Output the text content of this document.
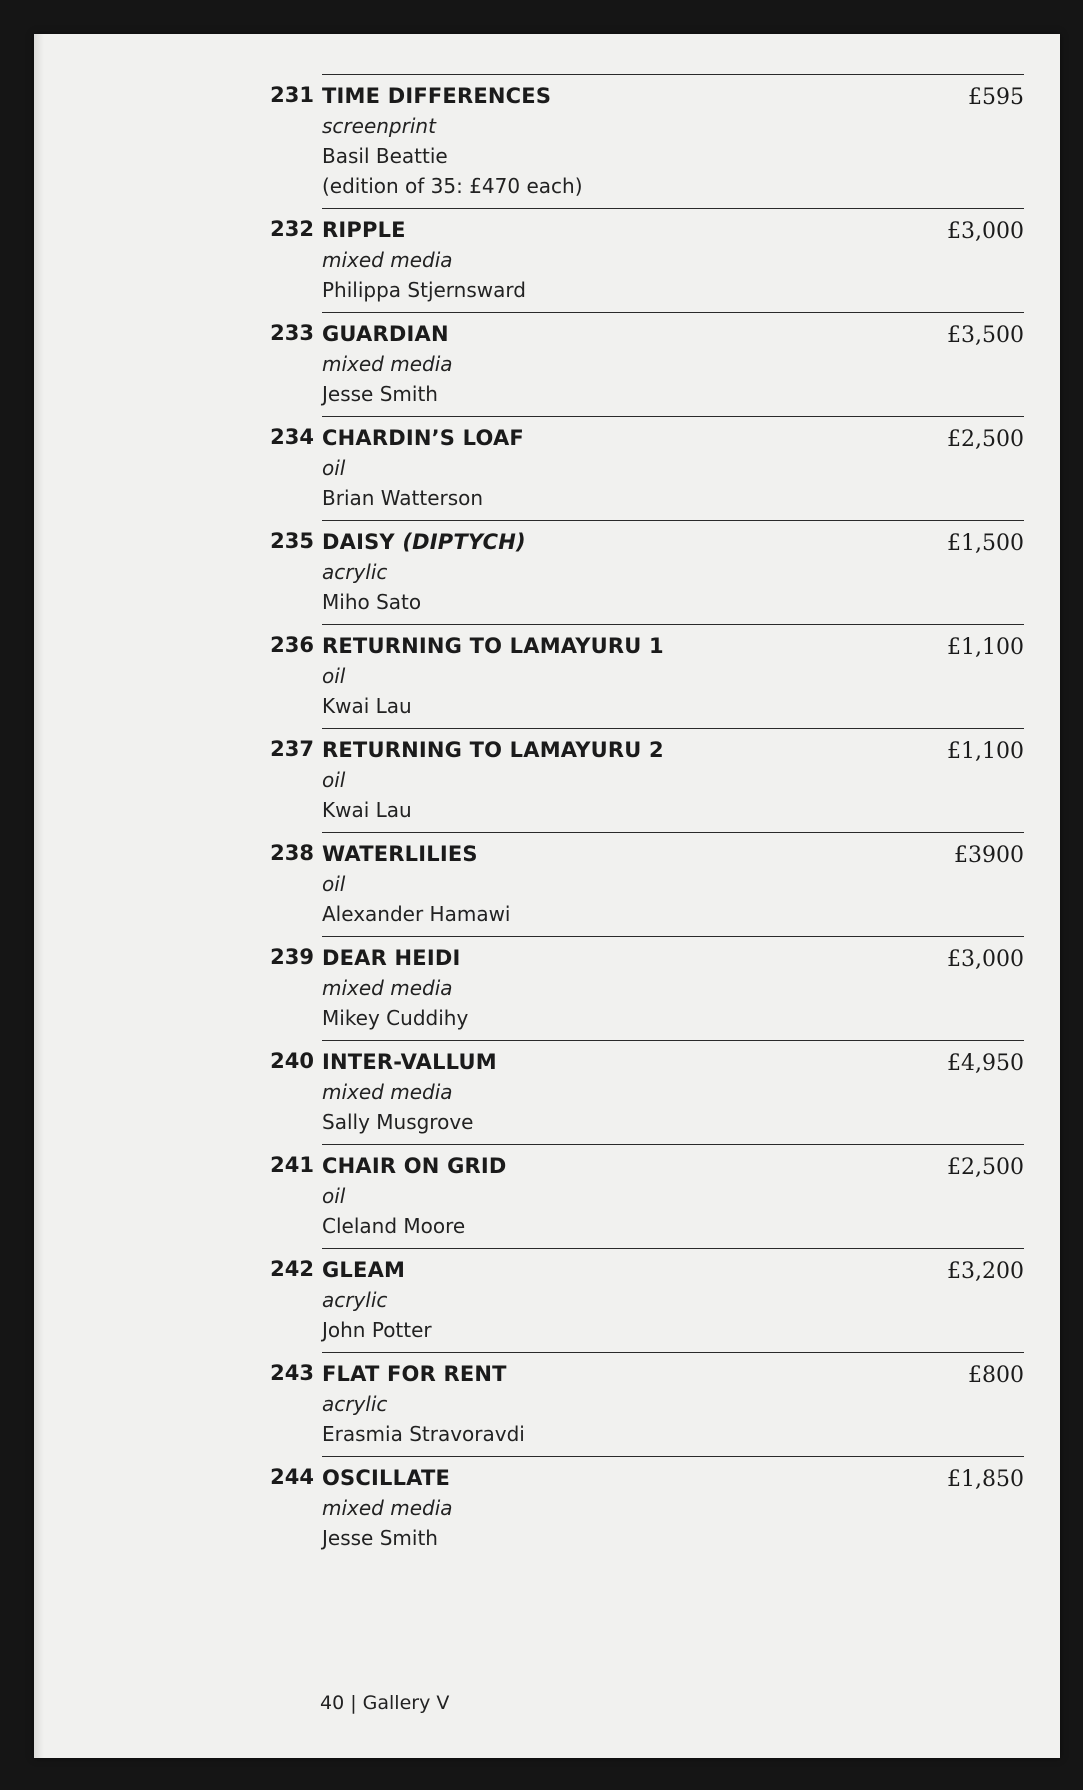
231 TIME DIFFERENCES
screenprint
Basil Beattie
(edition of 35: £470 each)
£595
232 RIPPLE
mixed media
Philippa Stjernsward
£3,000
233 GUARDIAN
mixed media
Jesse Smith
£3,500
234 CHARDIN’S LOAF
oil
Brian Watterson
£2,500
235 DAISY (DIPTYCH)
acrylic
Miho Sato
£1,500
236 RETURNING TO LAMAYURU 1
oil
Kwai Lau
£1,100
237 RETURNING TO LAMAYURU 2
oil
Kwai Lau
£1,100
238 WATERLILIES
oil
Alexander Hamawi
£3900
239 DEAR HEIDI
mixed media
Mikey Cuddihy
£3,000
240 INTER-VALLUM
mixed media
Sally Musgrove
£4,950
241 CHAIR ON GRID
oil
Cleland Moore
£2,500
242 GLEAM
acrylic
John Potter
£3,200
243 FLAT FOR RENT
acrylic
Erasmia Stravoravdi
£800
244 OSCILLATE
mixed media
Jesse Smith
£1,850
40 | Gallery V
